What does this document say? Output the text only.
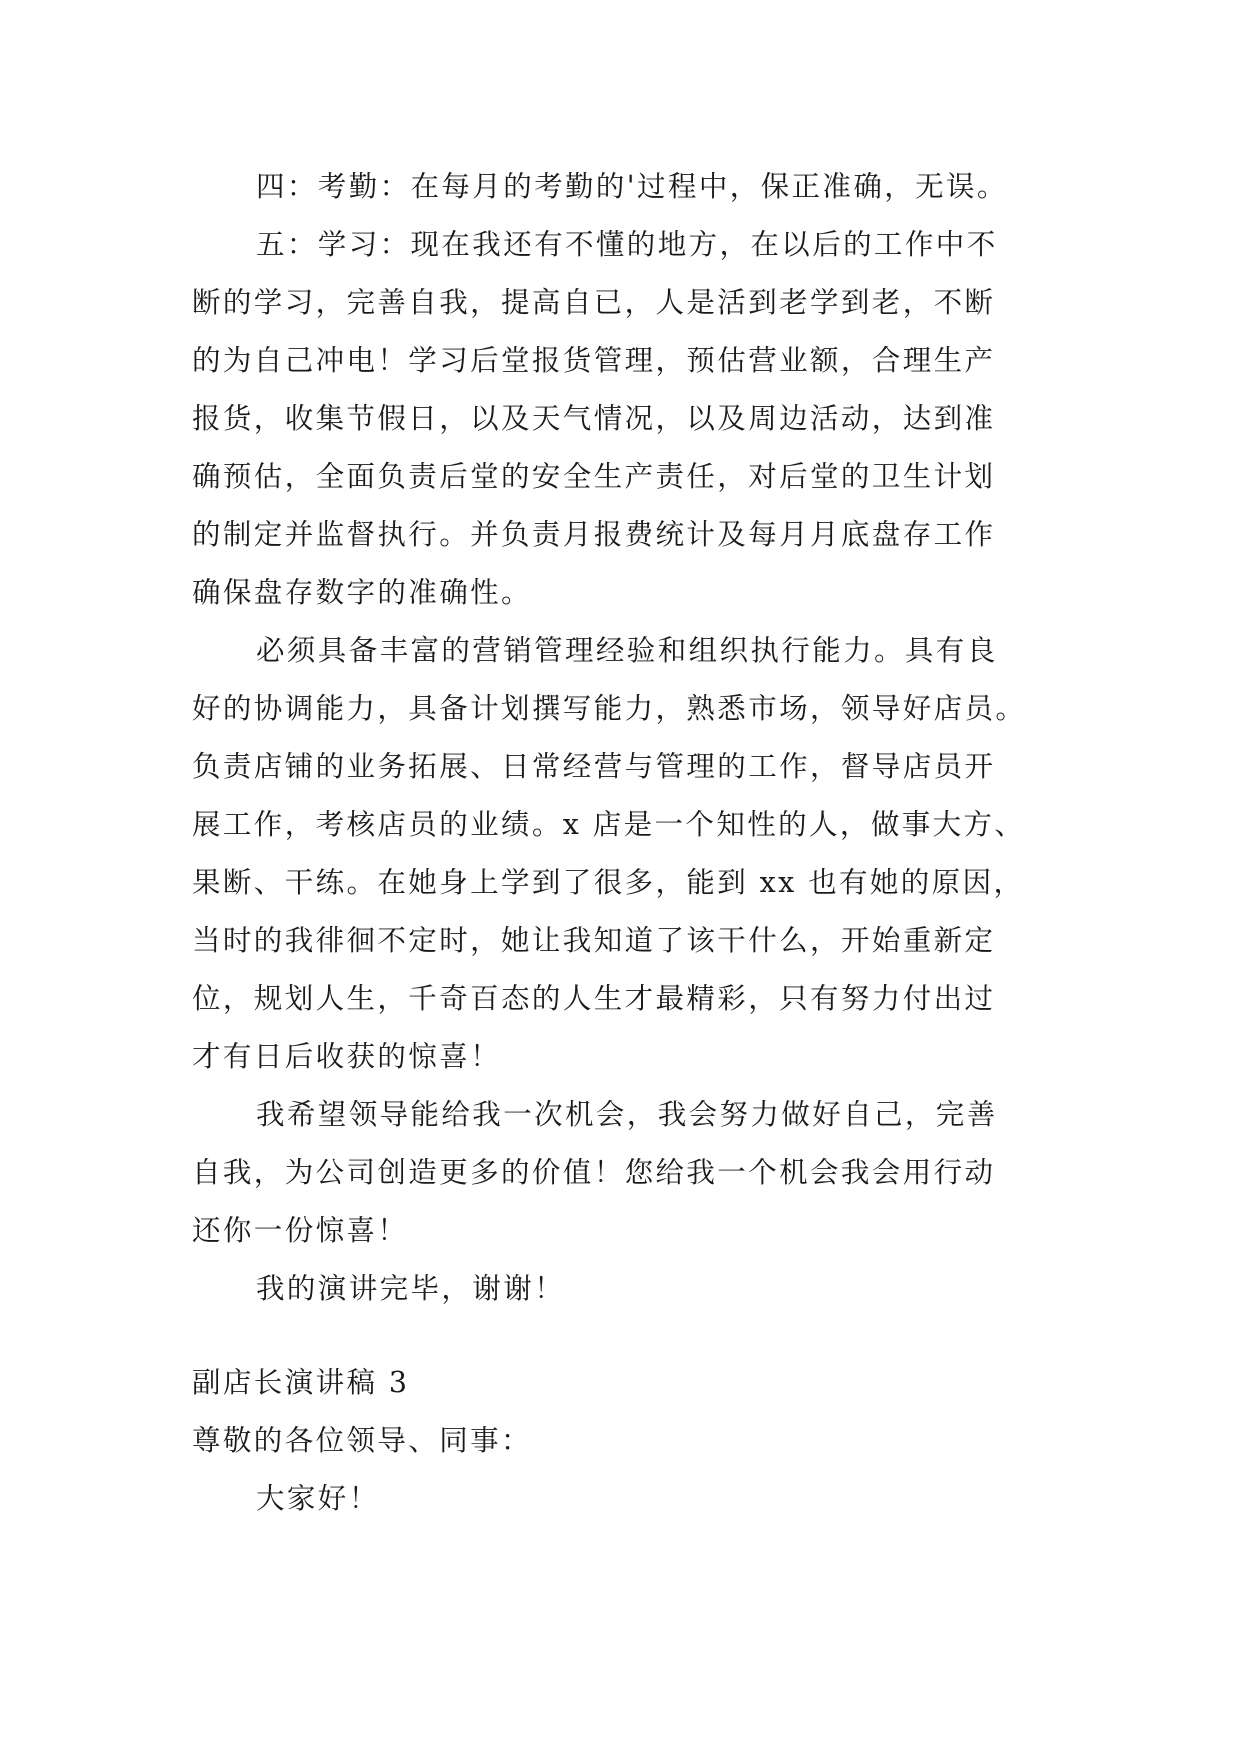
四：考勤：在每月的考勤的'过程中，保正准确，无误。
五：学习：现在我还有不懂的地方，在以后的工作中不
断的学习，完善自我，提高自已，人是活到老学到老，不断
的为自己冲电！学习后堂报货管理，预估营业额，合理生产
报货，收集节假日，以及天气情况，以及周边活动，达到准
确预估，全面负责后堂的安全生产责任，对后堂的卫生计划
的制定并监督执行。并负责月报费统计及每月月底盘存工作
确保盘存数字的准确性。
必须具备丰富的营销管理经验和组织执行能力。具有良
好的协调能力，具备计划撰写能力，熟悉市场，领导好店员。
负责店铺的业务拓展、日常经营与管理的工作，督导店员开
展工作，考核店员的业绩。x 店是一个知性的人，做事大方、
果断、干练。在她身上学到了很多，能到 xx 也有她的原因，
当时的我徘徊不定时，她让我知道了该干什么，开始重新定
位，规划人生，千奇百态的人生才最精彩，只有努力付出过
才有日后收获的惊喜！
我希望领导能给我一次机会，我会努力做好自己，完善
自我，为公司创造更多的价值！您给我一个机会我会用行动
还你一份惊喜！
我的演讲完毕，谢谢！
副店长演讲稿 3
尊敬的各位领导、同事：
大家好！
